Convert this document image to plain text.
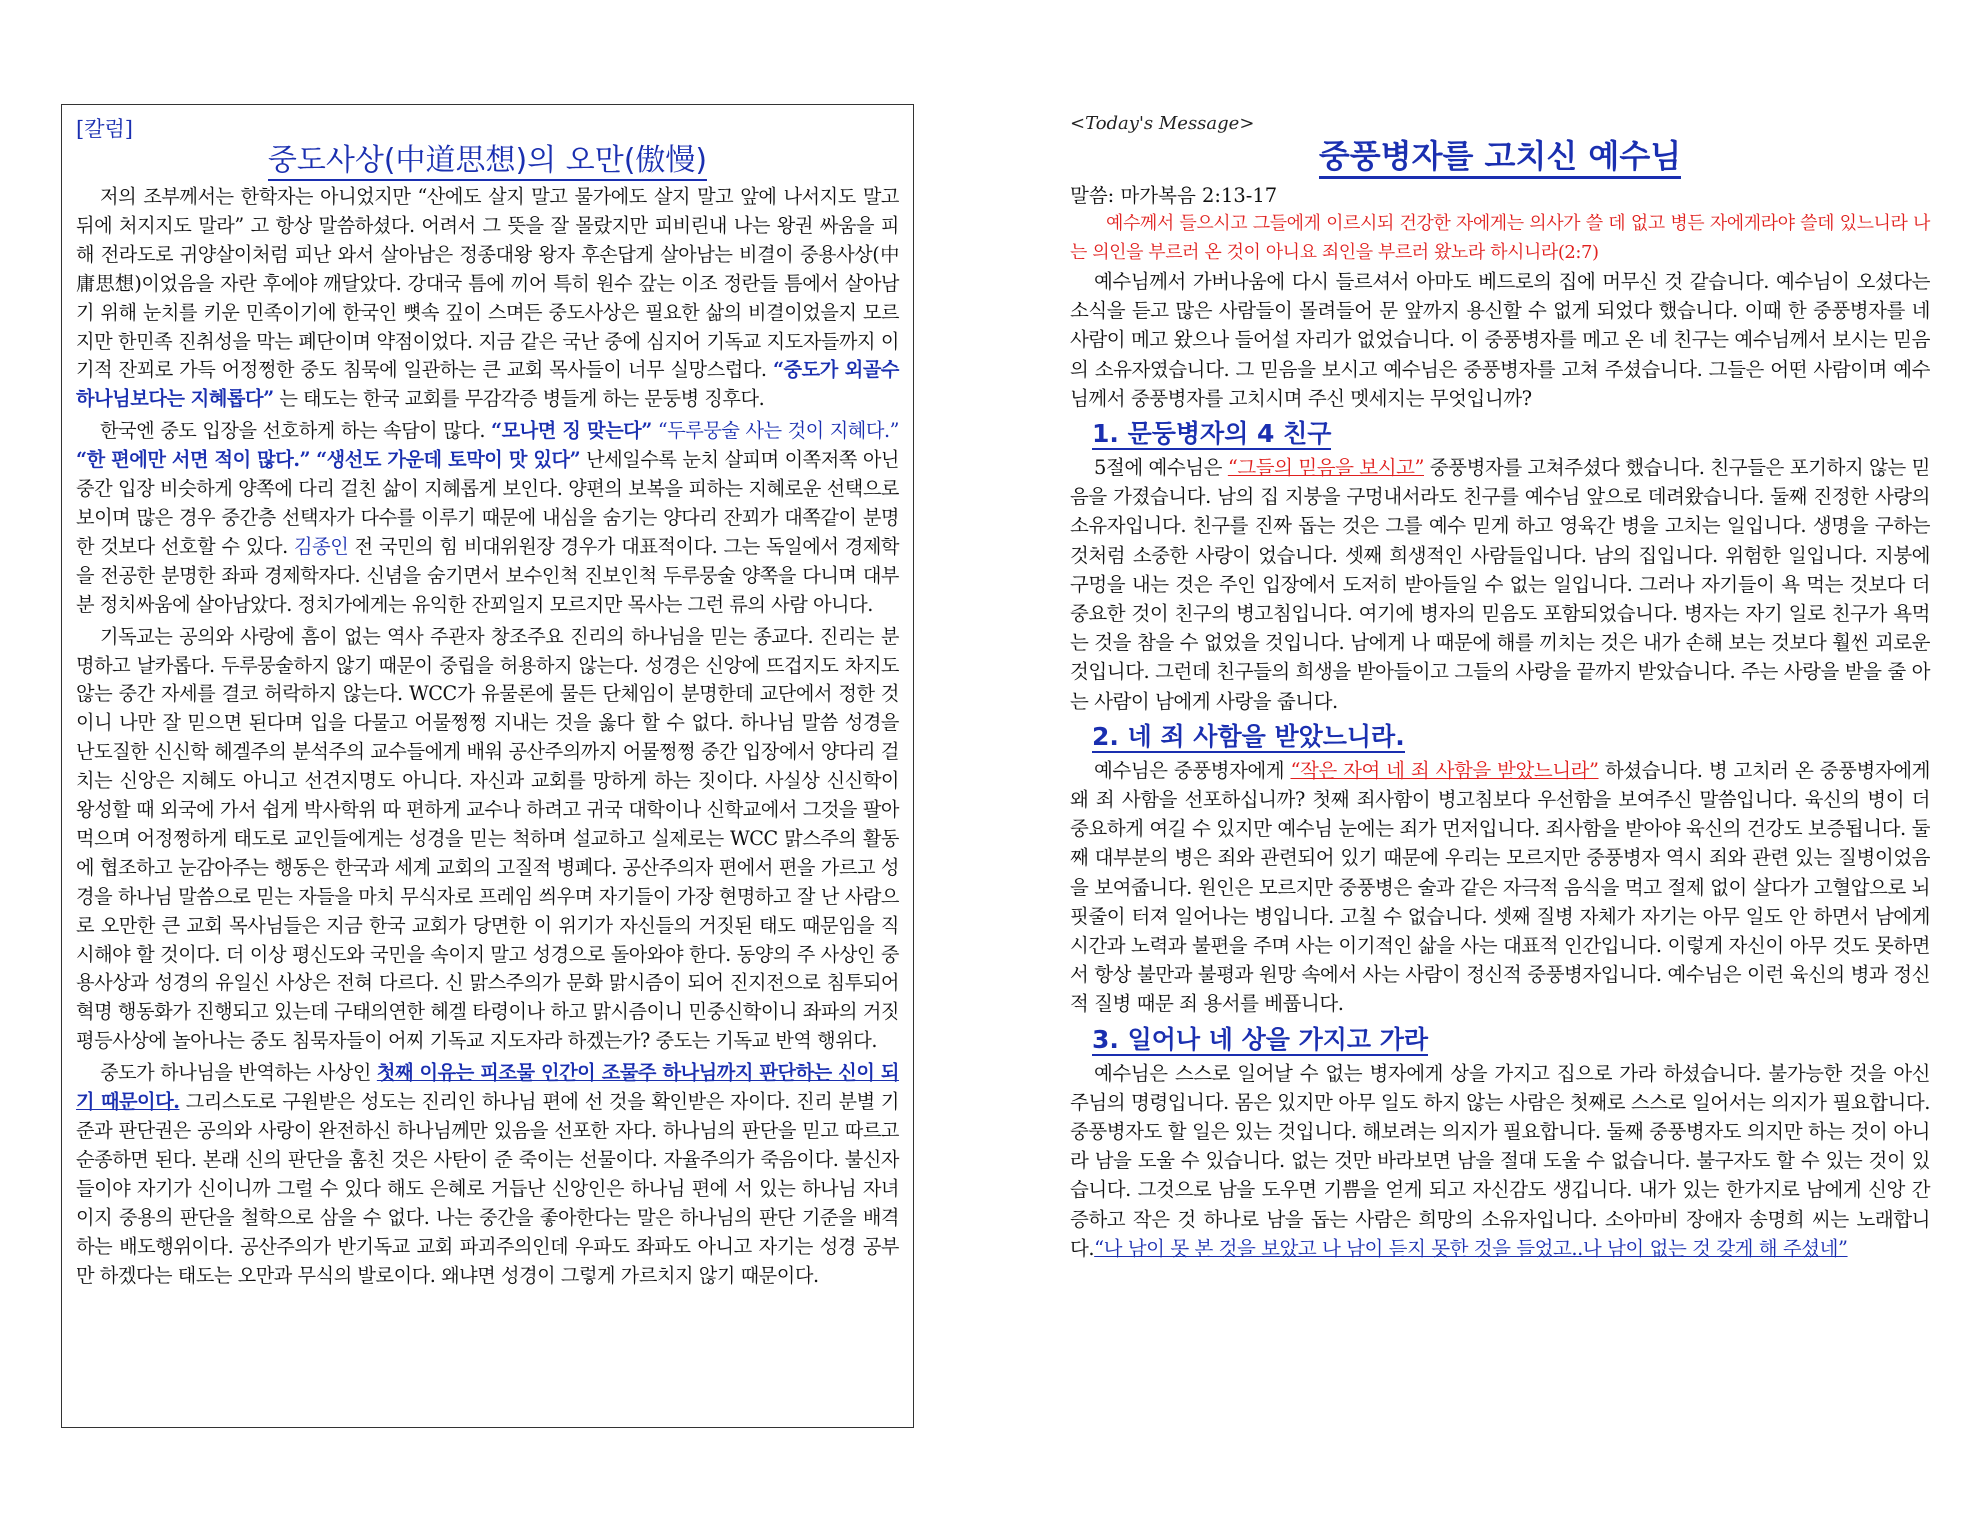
[칼럼]
중도사상(中道思想)의 오만(傲慢)

저의 조부께서는 한학자는 아니었지만 “산에도 살지 말고 물가에도 살지 말고 앞에 나서지도 말고 뒤에 처지지도 말라” 고 항상 말씀하셨다. 어려서 그 뜻을 잘 몰랐지만 피비린내 나는 왕권 싸움을 피해 전라도로 귀양살이처럼 피난 와서 살아남은 정종대왕 왕자 후손답게 살아남는 비결이 중용사상(中庸思想)이었음을 자란 후에야 깨달았다. 강대국 틈에 끼어 특히 원수 갚는 이조 정란들 틈에서 살아남기 위해 눈치를 키운 민족이기에 한국인 뼛속 깊이 스며든 중도사상은 필요한 삶의 비결이었을지 모르지만 한민족 진취성을 막는 폐단이며 약점이었다. 지금 같은 국난 중에 심지어 기독교 지도자들까지 이기적 잔꾀로 가득 어정쩡한 중도 침묵에 일관하는 큰 교회 목사들이 너무 실망스럽다. “중도가 외골수 하나님보다는 지혜롭다” 는 태도는 한국 교회를 무감각증 병들게 하는 문둥병 징후다.

한국엔 중도 입장을 선호하게 하는 속담이 많다. “모나면 징 맞는다” “두루뭉술 사는 것이 지혜다.” “한 편에만 서면 적이 많다.” “생선도 가운데 토막이 맛 있다” 난세일수록 눈치 살피며 이쪽저쪽 아닌 중간 입장 비슷하게 양쪽에 다리 걸친 삶이 지혜롭게 보인다. 양편의 보복을 피하는 지혜로운 선택으로 보이며 많은 경우 중간층 선택자가 다수를 이루기 때문에 내심을 숨기는 양다리 잔꾀가 대쪽같이 분명한 것보다 선호할 수 있다. 김종인 전 국민의 힘 비대위원장 경우가 대표적이다. 그는 독일에서 경제학을 전공한 분명한 좌파 경제학자다. 신념을 숨기면서 보수인척 진보인척 두루뭉술 양쪽을 다니며 대부분 정치싸움에 살아남았다. 정치가에게는 유익한 잔꾀일지 모르지만 목사는 그런 류의 사람 아니다.

기독교는 공의와 사랑에 흠이 없는 역사 주관자 창조주요 진리의 하나님을 믿는 종교다. 진리는 분명하고 날카롭다. 두루뭉술하지 않기 때문이 중립을 허용하지 않는다. 성경은 신앙에 뜨겁지도 차지도 않는 중간 자세를 결코 허락하지 않는다. WCC가 유물론에 물든 단체임이 분명한데 교단에서 정한 것이니 나만 잘 믿으면 된다며 입을 다물고 어물쩡쩡 지내는 것을 옳다 할 수 없다. 하나님 말씀 성경을 난도질한 신신학 헤겔주의 분석주의 교수들에게 배워 공산주의까지 어물쩡쩡 중간 입장에서 양다리 걸치는 신앙은 지혜도 아니고 선견지명도 아니다. 자신과 교회를 망하게 하는 짓이다. 사실상 신신학이 왕성할 때 외국에 가서 쉽게 박사학위 따 편하게 교수나 하려고 귀국 대학이나 신학교에서 그것을 팔아먹으며 어정쩡하게 태도로 교인들에게는 성경을 믿는 척하며 설교하고 실제로는 WCC 맑스주의 활동에 협조하고 눈감아주는 행동은 한국과 세계 교회의 고질적 병폐다. 공산주의자 편에서 편을 가르고 성경을 하나님 말씀으로 믿는 자들을 마치 무식자로 프레임 씌우며 자기들이 가장 현명하고 잘 난 사람으로 오만한 큰 교회 목사님들은 지금 한국 교회가 당면한 이 위기가 자신들의 거짓된 태도 때문임을 직시해야 할 것이다. 더 이상 평신도와 국민을 속이지 말고 성경으로 돌아와야 한다. 동양의 주 사상인 중용사상과 성경의 유일신 사상은 전혀 다르다. 신 맑스주의가 문화 맑시즘이 되어 진지전으로 침투되어 혁명 행동화가 진행되고 있는데 구태의연한 헤겔 타령이나 하고 맑시즘이니 민중신학이니 좌파의 거짓 평등사상에 놀아나는 중도 침묵자들이 어찌 기독교 지도자라 하겠는가? 중도는 기독교 반역 행위다.

중도가 하나님을 반역하는 사상인 첫째 이유는 피조물 인간이 조물주 하나님까지 판단하는 신이 되기 때문이다. 그리스도로 구원받은 성도는 진리인 하나님 편에 선 것을 확인받은 자이다. 진리 분별 기준과 판단권은 공의와 사랑이 완전하신 하나님께만 있음을 선포한 자다. 하나님의 판단을 믿고 따르고 순종하면 된다. 본래 신의 판단을 훔친 것은 사탄이 준 죽이는 선물이다. 자율주의가 죽음이다. 불신자들이야 자기가 신이니까 그럴 수 있다 해도 은혜로 거듭난 신앙인은 하나님 편에 서 있는 하나님 자녀이지 중용의 판단을 철학으로 삼을 수 없다. 나는 중간을 좋아한다는 말은 하나님의 판단 기준을 배격하는 배도행위이다. 공산주의가 반기독교 교회 파괴주의인데 우파도 좌파도 아니고 자기는 성경 공부만 하겠다는 태도는 오만과 무식의 발로이다. 왜냐면 성경이 그렇게 가르치지 않기 때문이다.

<Today's Message>
중풍병자를 고치신 예수님
말씀: 마가복음 2:13-17

예수께서 들으시고 그들에게 이르시되 건강한 자에게는 의사가 쓸 데 없고 병든 자에게라야 쓸데 있느니라 나는 의인을 부르러 온 것이 아니요 죄인을 부르러 왔노라 하시니라(2:7)

예수님께서 가버나움에 다시 들르셔서 아마도 베드로의 집에 머무신 것 같습니다. 예수님이 오셨다는 소식을 듣고 많은 사람들이 몰려들어 문 앞까지 용신할 수 없게 되었다 했습니다. 이때 한 중풍병자를 네 사람이 메고 왔으나 들어설 자리가 없었습니다. 이 중풍병자를 메고 온 네 친구는 예수님께서 보시는 믿음의 소유자였습니다. 그 믿음을 보시고 예수님은 중풍병자를 고쳐 주셨습니다. 그들은 어떤 사람이며 예수님께서 중풍병자를 고치시며 주신 멧세지는 무엇입니까?

1. 문둥병자의 4 친구

5절에 예수님은 “그들의 믿음을 보시고” 중풍병자를 고쳐주셨다 했습니다. 친구들은 포기하지 않는 믿음을 가졌습니다. 남의 집 지붕을 구멍내서라도 친구를 예수님 앞으로 데려왔습니다. 둘째 진정한 사랑의 소유자입니다. 친구를 진짜 돕는 것은 그를 예수 믿게 하고 영육간 병을 고치는 일입니다. 생명을 구하는 것처럼 소중한 사랑이 었습니다. 셋째 희생적인 사람들입니다. 남의 집입니다. 위험한 일입니다. 지붕에 구멍을 내는 것은 주인 입장에서 도저히 받아들일 수 없는 일입니다. 그러나 자기들이 욕 먹는 것보다 더 중요한 것이 친구의 병고침입니다. 여기에 병자의 믿음도 포함되었습니다. 병자는 자기 일로 친구가 욕먹는 것을 참을 수 없었을 것입니다. 남에게 나 때문에 해를 끼치는 것은 내가 손해 보는 것보다 훨씬 괴로운 것입니다. 그런데 친구들의 희생을 받아들이고 그들의 사랑을 끝까지 받았습니다. 주는 사랑을 받을 줄 아는 사람이 남에게 사랑을 줍니다.

2. 네 죄 사함을 받았느니라.

예수님은 중풍병자에게 “작은 자여 네 죄 사함을 받았느니라” 하셨습니다. 병 고치러 온 중풍병자에게 왜 죄 사함을 선포하십니까? 첫째 죄사함이 병고침보다 우선함을 보여주신 말씀입니다. 육신의 병이 더 중요하게 여길 수 있지만 예수님 눈에는 죄가 먼저입니다. 죄사함을 받아야 육신의 건강도 보증됩니다. 둘째 대부분의 병은 죄와 관련되어 있기 때문에 우리는 모르지만 중풍병자 역시 죄와 관련 있는 질병이었음을 보여줍니다. 원인은 모르지만 중풍병은 술과 같은 자극적 음식을 먹고 절제 없이 살다가 고혈압으로 뇌 핏줄이 터져 일어나는 병입니다. 고칠 수 없습니다. 셋째 질병 자체가 자기는 아무 일도 안 하면서 남에게 시간과 노력과 불편을 주며 사는 이기적인 삶을 사는 대표적 인간입니다. 이렇게 자신이 아무 것도 못하면서 항상 불만과 불평과 원망 속에서 사는 사람이 정신적 중풍병자입니다. 예수님은 이런 육신의 병과 정신적 질병 때문 죄 용서를 베풉니다.

3. 일어나 네 상을 가지고 가라

예수님은 스스로 일어날 수 없는 병자에게 상을 가지고 집으로 가라 하셨습니다. 불가능한 것을 아신 주님의 명령입니다. 몸은 있지만 아무 일도 하지 않는 사람은 첫째로 스스로 일어서는 의지가 필요합니다. 중풍병자도 할 일은 있는 것입니다. 해보려는 의지가 필요합니다. 둘째 중풍병자도 의지만 하는 것이 아니라 남을 도울 수 있습니다. 없는 것만 바라보면 남을 절대 도울 수 없습니다. 불구자도 할 수 있는 것이 있습니다. 그것으로 남을 도우면 기쁨을 얻게 되고 자신감도 생깁니다. 내가 있는 한가지로 남에게 신앙 간증하고 작은 것 하나로 남을 돕는 사람은 희망의 소유자입니다. 소아마비 장애자 송명희 씨는 노래합니다.“나 남이 못 본 것을 보았고 나 남이 듣지 못한 것을 들었고..나 남이 없는 것 갖게 해 주셨네”
